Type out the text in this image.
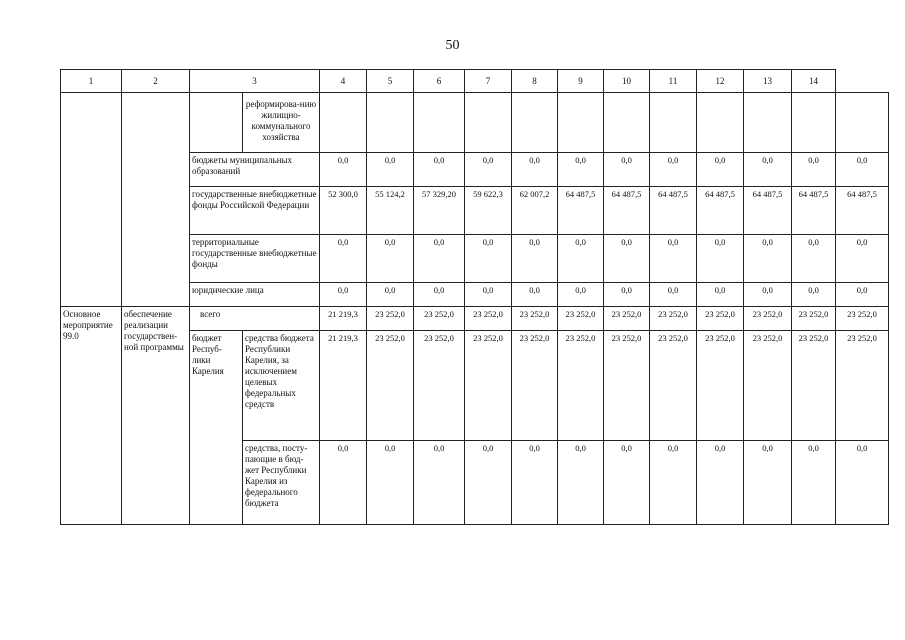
50
1	2	3		4	5	6	7	8	9	10	11	12	13	14	
			реформирова-нию жилищно-коммунального хозяйства												
		бюджеты муниципальных образований		0,0	0,0	0,0	0,0	0,0	0,0	0,0	0,0	0,0	0,0	0,0	0,0
		государственные внебюджетные фонды Российской Федерации		52 300,0	55 124,2	57 329,20	59 622,3	62 007,2	64 487,5	64 487,5	64 487,5	64 487,5	64 487,5	64 487,5	64 487,5
		территориальные государственные внебюджетные фонды		0,0	0,0	0,0	0,0	0,0	0,0	0,0	0,0	0,0	0,0	0,0	0,0
		юридические лица		0,0	0,0	0,0	0,0	0,0	0,0	0,0	0,0	0,0	0,0	0,0	0,0
Основное мероприятие 99.0	обеспечение реализации государствен-ной программы	всего		21 219,3	23 252,0	23 252,0	23 252,0	23 252,0	23 252,0	23 252,0	23 252,0	23 252,0	23 252,0	23 252,0	23 252,0
		бюджет Респуб-лики Карелия	средства бюджета Республики Карелия, за исключением целевых федеральных средств	21 219,3	23 252,0	23 252,0	23 252,0	23 252,0	23 252,0	23 252,0	23 252,0	23 252,0	23 252,0	23 252,0	23 252,0
			средства, посту-пающие в бюд-жет Республики Карелия из федерального бюджета	0,0	0,0	0,0	0,0	0,0	0,0	0,0	0,0	0,0	0,0	0,0	0,0
